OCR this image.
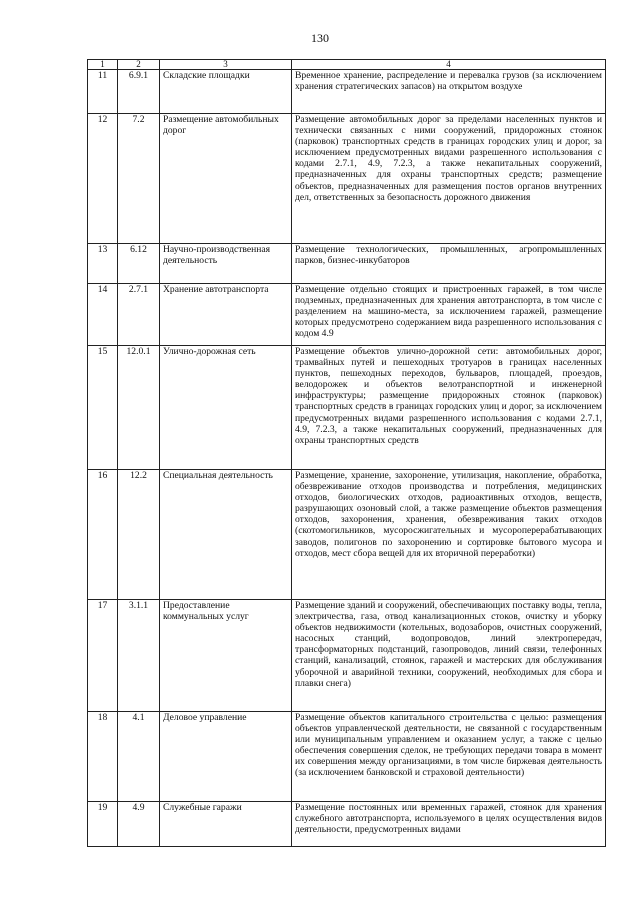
130
1	2	3	4
11	6.9.1	Складские площадки	Временное хранение, распределение и перевалка грузов (за исключением хранения стратегических запасов) на открытом воздухе
12	7.2	Размещение автомобильных дорог	Размещение автомобильных дорог за пределами населенных пунктов и технически связанных с ними сооружений, придорожных стоянок (парковок) транспортных средств в границах городских улиц и дорог, за исключением предусмотренных видами разрешенного использования с кодами 2.7.1, 4.9, 7.2.3, а также некапитальных сооружений, предназначенных для охраны транспортных средств; размещение объектов, предназначенных для размещения постов органов внутренних дел, ответственных за безопасность дорожного движения
13	6.12	Научно-производственная деятельность	Размещение технологических, промышленных, агропромышленных парков, бизнес-инкубаторов
14	2.7.1	Хранение автотранспорта	Размещение отдельно стоящих и пристроенных гаражей, в том числе подземных, предназначенных для хранения автотранспорта, в том числе с разделением на машино-места, за исключением гаражей, размещение которых предусмотрено содержанием вида разрешенного использования с кодом 4.9
15	12.0.1	Улично-дорожная сеть	Размещение объектов улично-дорожной сети: автомобильных дорог, трамвайных путей и пешеходных тротуаров в границах населенных пунктов, пешеходных переходов, бульваров, площадей, проездов, велодорожек и объектов велотранспортной и инженерной инфраструктуры; размещение придорожных стоянок (парковок) транспортных средств в границах городских улиц и дорог, за исключением предусмотренных видами разрешенного использования с кодами 2.7.1, 4.9, 7.2.3, а также некапитальных сооружений, предназначенных для охраны транспортных средств
16	12.2	Специальная деятельность	Размещение, хранение, захоронение, утилизация, накопление, обработка, обезвреживание отходов производства и потребления, медицинских отходов, биологических отходов, радиоактивных отходов, веществ, разрушающих озоновый слой, а также размещение объектов размещения отходов, захоронения, хранения, обезвреживания таких отходов (скотомогильников, мусоросжигательных и мусороперерабатывающих заводов, полигонов по захоронению и сортировке бытового мусора и отходов, мест сбора вещей для их вторичной переработки)
17	3.1.1	Предоставление коммунальных услуг	Размещение зданий и сооружений, обеспечивающих поставку воды, тепла, электричества, газа, отвод канализационных стоков, очистку и уборку объектов недвижимости (котельных, водозаборов, очистных сооружений, насосных станций, водопроводов, линий электропередач, трансформаторных подстанций, газопроводов, линий связи, телефонных станций, канализаций, стоянок, гаражей и мастерских для обслуживания уборочной и аварийной техники, сооружений, необходимых для сбора и плавки снега)
18	4.1	Деловое управление	Размещение объектов капитального строительства с целью: размещения объектов управленческой деятельности, не связанной с государственным или муниципальным управлением и оказанием услуг, а также с целью обеспечения совершения сделок, не требующих передачи товара в момент их совершения между организациями, в том числе биржевая деятельность (за исключением банковской и страховой деятельности)
19	4.9	Служебные гаражи	Размещение постоянных или временных гаражей, стоянок для хранения служебного автотранспорта, используемого в целях осуществления видов деятельности, предусмотренных видами
